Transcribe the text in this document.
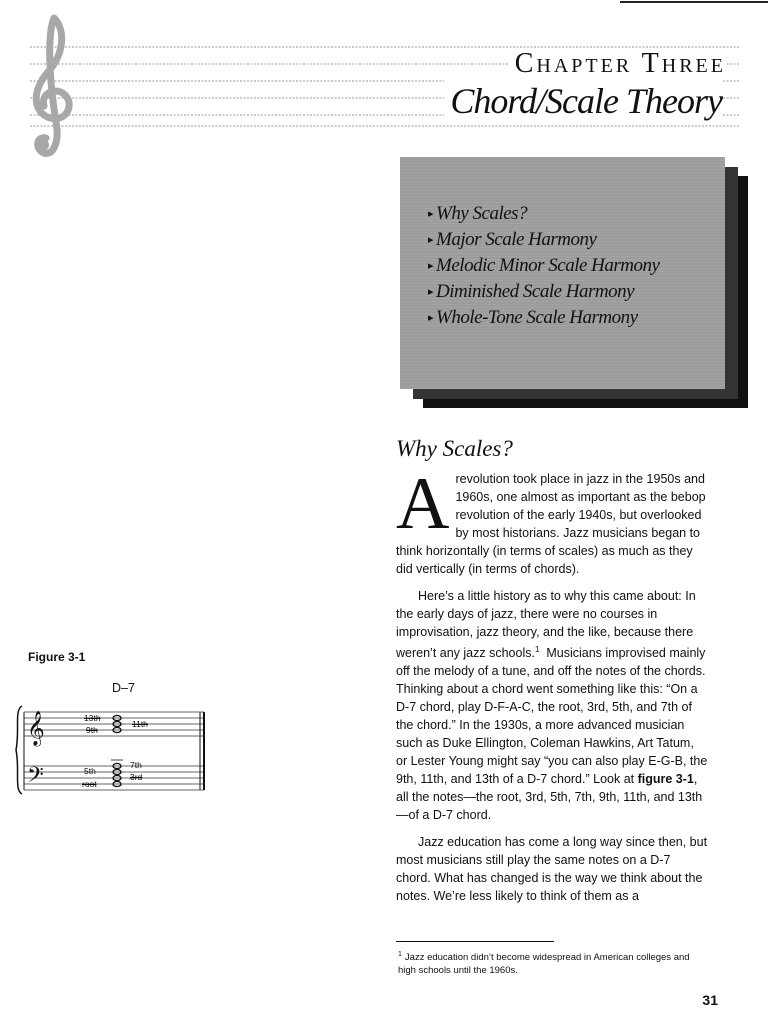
Chapter Three
Chord/Scale Theory
▸ Why Scales?
▸ Major Scale Harmony
▸ Melodic Minor Scale Harmony
▸ Diminished Scale Harmony
▸ Whole-Tone Scale Harmony
Why Scales?

Arevolution took place in jazz in the 1950s and 1960s, one almost as important as the bebop revolution of the early 1940s, but overlooked by most historians. Jazz musicians began to think horizontally (in terms of scales) as much as they did vertically (in terms of chords).

Here’s a little history as to why this came about: In the early days of jazz, there were no courses in improvisation, jazz theory, and the like, because there weren’t any jazz schools.$^1$ Musicians improvised mainly off the melody of a tune, and off the notes of the chords. Thinking about a chord went something like this: “On a D-7 chord, play D-F-A-C, the root, 3rd, 5th, and 7th of the chord.” In the 1930s, a more advanced musician such as Duke Ellington, Coleman Hawkins, Art Tatum, or Lester Young might say “you can also play E-G-B, the 9th, 11th, and 13th of a D-7 chord.” Look at figure 3-1, all the notes—the root, 3rd, 5th, 7th, 9th, 11th, and 13th—of a D-7 chord.

Jazz education has come a long way since then, but most musicians still play the same notes on a D-7 chord. What has changed is the way we think about the notes. We’re less likely to think of them as a

$^1$ Jazz education didn’t become widespread in American colleges and high schools until the 1960s.

31
Figure 3-1
D–7
𝄞
𝄢
13th
9th
11th
5th
root
7th
3rd
